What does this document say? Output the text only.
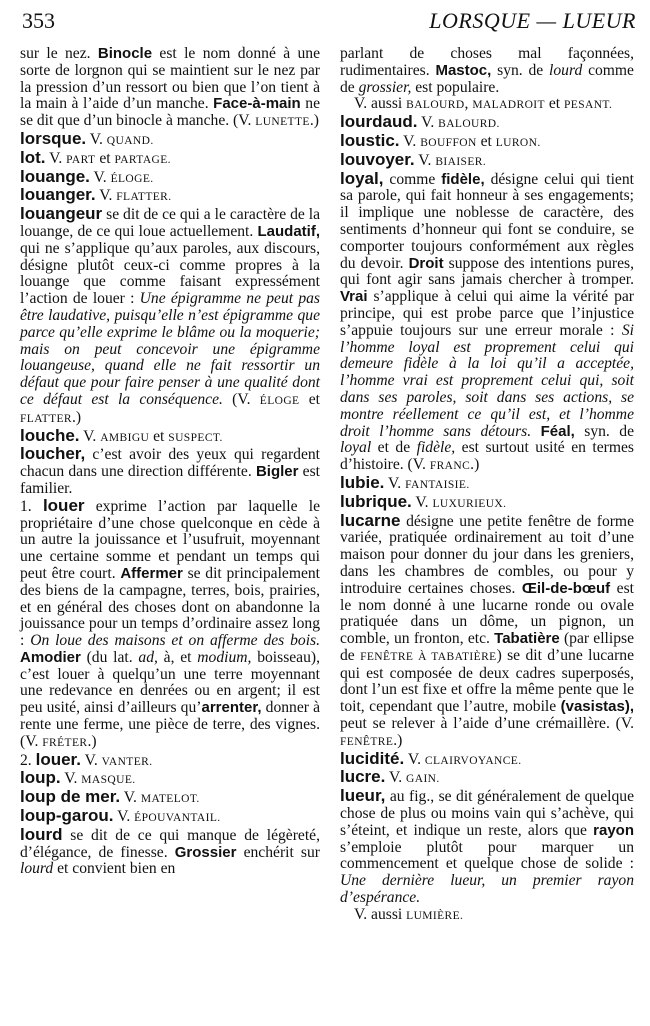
353	LORSQUE — LUEUR

sur le nez. Binocle est le nom donné à une sorte de lorgnon qui se maintient sur le nez par la pression d’un ressort ou bien que l’on tient à la main à l’aide d’un manche. Face-à-main ne se dit que d’un binocle à manche. (V. LUNETTE.)

lorsque. V. QUAND.

lot. V. PART et PARTAGE.

louange. V. ÉLOGE.

louanger. V. FLATTER.

louangeur se dit de ce qui a le caractère de la louange, de ce qui loue actuellement. Laudatif, qui ne s’applique qu’aux paroles, aux discours, désigne plutôt ceux-ci comme propres à la louange que comme faisant expressément l’action de louer : Une épigramme ne peut pas être laudative, puisqu’elle n’est épigramme que parce qu’elle exprime le blâme ou la moquerie; mais on peut concevoir une épigramme louangeuse, quand elle ne fait ressortir un défaut que pour faire penser à une qualité dont ce défaut est la conséquence. (V. ÉLOGE et FLATTER.)

louche. V. AMBIGU et SUSPECT.

loucher, c’est avoir des yeux qui regardent chacun dans une direction différente. Bigler est familier.

1. louer exprime l’action par laquelle le propriétaire d’une chose quelconque en cède à un autre la jouissance et l’usufruit, moyennant une certaine somme et pendant un temps qui peut être court. Affermer se dit principalement des biens de la campagne, terres, bois, prairies, et en général des choses dont on abandonne la jouissance pour un temps d’ordinaire assez long : On loue des maisons et on afferme des bois. Amodier (du lat. ad, à, et modium, boisseau), c’est louer à quelqu’un une terre moyennant une redevance en denrées ou en argent; il est peu usité, ainsi d’ailleurs qu’arrenter, donner à rente une ferme, une pièce de terre, des vignes. (V. FRÉTER.)

2. louer. V. VANTER.

loup. V. MASQUE.

loup de mer. V. MATELOT.

loup-garou. V. ÉPOUVANTAIL.

lourd se dit de ce qui manque de légèreté, d’élégance, de finesse. Grossier enchérit sur lourd et convient bien en

parlant de choses mal façonnées, rudimentaires. Mastoc, syn. de lourd comme de grossier, est populaire.

V. aussi BALOURD, MALADROIT et PESANT.

lourdaud. V. BALOURD.

loustic. V. BOUFFON et LURON.

louvoyer. V. BIAISER.

loyal, comme fidèle, désigne celui qui tient sa parole, qui fait honneur à ses engagements; il implique une noblesse de caractère, des sentiments d’honneur qui font se conduire, se comporter toujours conformément aux règles du devoir. Droit suppose des intentions pures, qui font agir sans jamais chercher à tromper. Vrai s’applique à celui qui aime la vérité par principe, qui est probe parce que l’injustice s’appuie toujours sur une erreur morale : Si l’homme loyal est proprement celui qui demeure fidèle à la loi qu’il a acceptée, l’homme vrai est proprement celui qui, soit dans ses paroles, soit dans ses actions, se montre réellement ce qu’il est, et l’homme droit l’homme sans détours. Féal, syn. de loyal et de fidèle, est surtout usité en termes d’histoire. (V. FRANC.)

lubie. V. FANTAISIE.

lubrique. V. LUXURIEUX.

lucarne désigne une petite fenêtre de forme variée, pratiquée ordinairement au toit d’une maison pour donner du jour dans les greniers, dans les chambres de combles, ou pour y introduire certaines choses. Œil-de-bœuf est le nom donné à une lucarne ronde ou ovale pratiquée dans un dôme, un pignon, un comble, un fronton, etc. Tabatière (par ellipse de FENÊTRE À TABATIÈRE) se dit d’une lucarne qui est composée de deux cadres superposés, dont l’un est fixe et offre la même pente que le toit, cependant que l’autre, mobile (vasistas), peut se relever à l’aide d’une crémaillère. (V. FENÊTRE.)

lucidité. V. CLAIRVOYANCE.

lucre. V. GAIN.

lueur, au fig., se dit généralement de quelque chose de plus ou moins vain qui s’achève, qui s’éteint, et indique un reste, alors que rayon s’emploie plutôt pour marquer un commencement et quelque chose de solide : Une dernière lueur, un premier rayon d’espérance.

V. aussi LUMIÈRE.
